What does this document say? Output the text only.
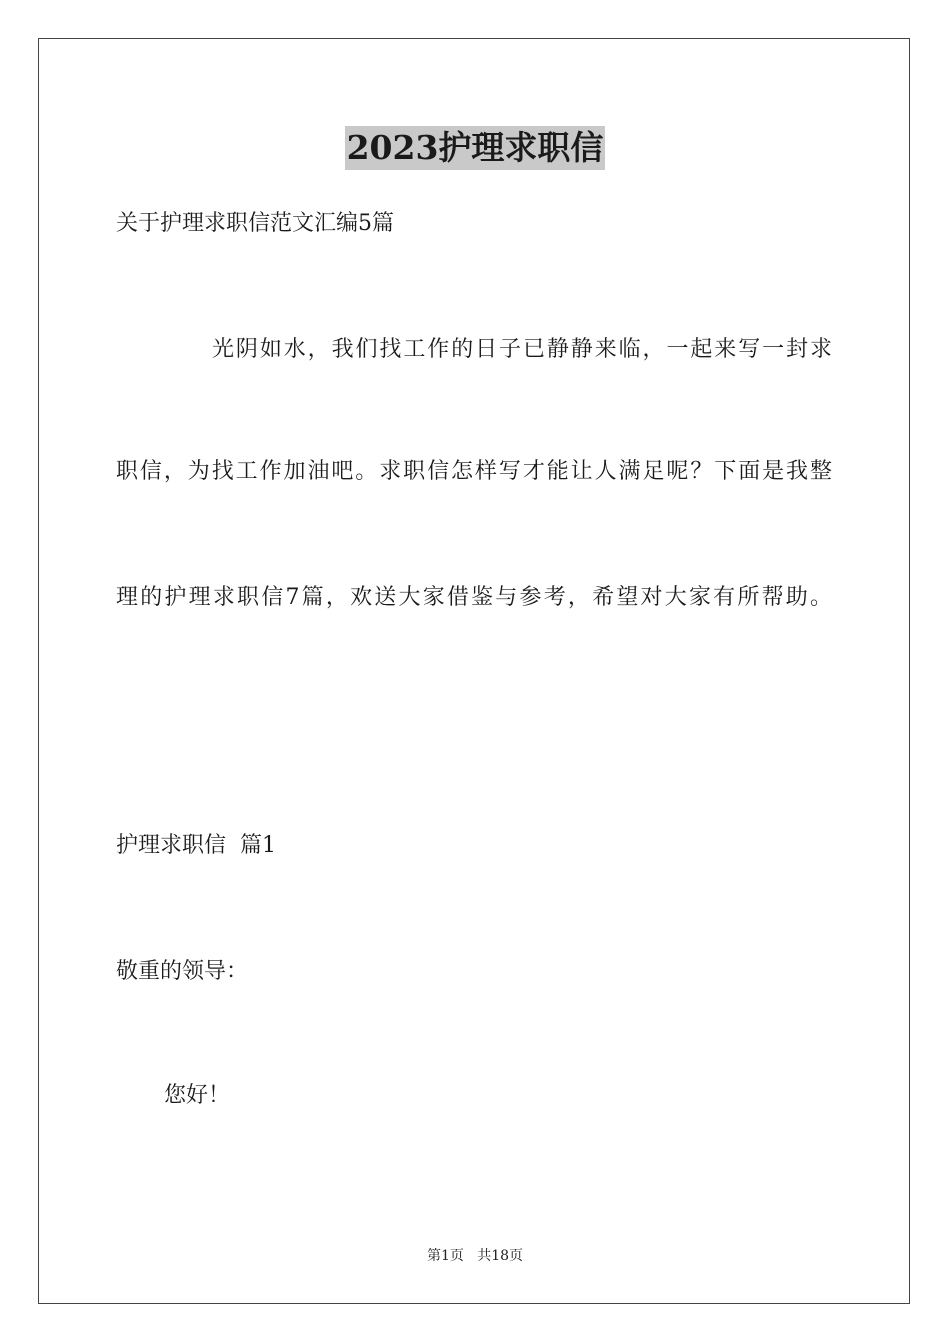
2023护理求职信
关于护理求职信范文汇编5篇
光阴如水，我们找工作的日子已静静来临，一起来写一封求
职信，为找工作加油吧。求职信怎样写才能让人满足呢？下面是我整
理的护理求职信7篇，欢送大家借鉴与参考，希望对大家有所帮助。
护理求职信  篇1
敬重的领导：
您好！
第1页   共18页
